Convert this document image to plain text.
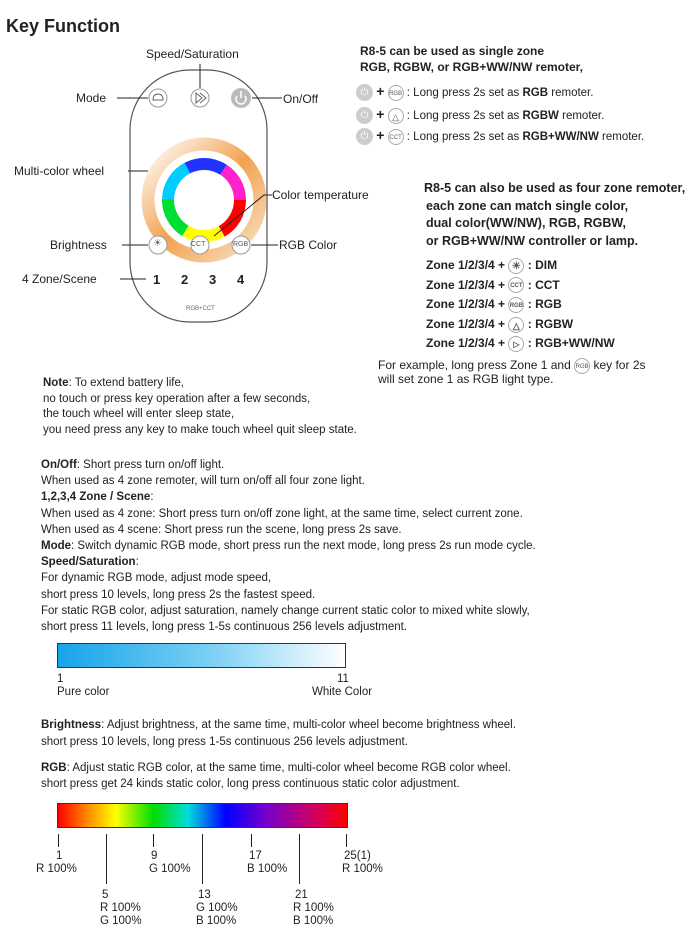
Key Function
Speed/Saturation
Mode	On/Off
Multi-color wheel
Color temperature
Brightness	RGB Color
4 Zone/Scene
☀	CCT	RGB
1 2 3 4
RGB+CCT
R8-5 can be used as single zone
RGB, RGBW, or RGB+WW/NW remoter,
⏻ + RGB : Long press 2s set as RGB remoter.
⏻ + △ : Long press 2s set as RGBW remoter.
⏻ + CCT : Long press 2s set as RGB+WW/NW remoter.
R8-5 can also be used as four zone remoter,
each zone can match single color,
dual color(WW/NW), RGB, RGBW,
or RGB+WW/NW controller or lamp.
Zone 1/2/3/4 + ☀ : DIM
Zone 1/2/3/4 + CCT : CCT
Zone 1/2/3/4 + RGB : RGB
Zone 1/2/3/4 + △ : RGBW
Zone 1/2/3/4 + ▷ : RGB+WW/NW
For example, long press Zone 1 and RGB key for 2s
will set zone 1 as RGB light type.
Note: To extend battery life,
no touch or press key operation after a few seconds,
the touch wheel will enter sleep state,
you need press any key to make touch wheel quit sleep state.
On/Off: Short press turn on/off light.
When used as 4 zone remoter, will turn on/off all four zone light.
1,2,3,4 Zone / Scene:
When used as 4 zone: Short press turn on/off zone light, at the same time, select current zone.
When used as 4 scene: Short press run the scene, long press 2s save.
Mode: Switch dynamic RGB mode, short press run the next mode, long press 2s run mode cycle.
Speed/Saturation:
For dynamic RGB mode, adjust mode speed,
short press 10 levels, long press 2s the fastest speed.
For static RGB color, adjust saturation, namely change current static color to mixed white slowly,
short press 11 levels, long press 1-5s continuous 256 levels adjustment.
1
Pure color
11
White Color
Brightness: Adjust brightness, at the same time, multi-color wheel become brightness wheel.
short press 10 levels, long press 1-5s continuous 256 levels adjustment.
RGB: Adjust static RGB color, at the same time, multi-color wheel become RGB color wheel.
short press get 24 kinds static color, long press continuous static color adjustment.
1
R 100%
5
R 100%
G 100%
9
G 100%
13
G 100%
B 100%
17
B 100%
21
R 100%
B 100%
25(1)
R 100%
